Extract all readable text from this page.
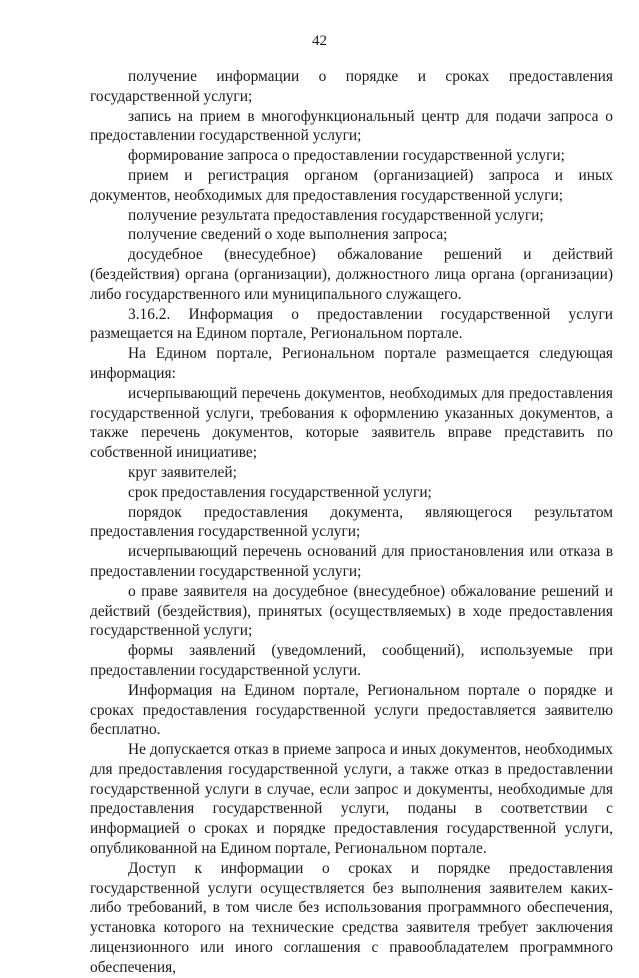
42

получение информации о порядке и сроках предоставления государственной услуги;

запись на прием в многофункциональный центр для подачи запроса о предоставлении государственной услуги;

формирование запроса о предоставлении государственной услуги;

прием и регистрация органом (организацией) запроса и иных документов, необходимых для предоставления государственной услуги;

получение результата предоставления государственной услуги;

получение сведений о ходе выполнения запроса;

досудебное (внесудебное) обжалование решений и действий (бездействия) органа (организации), должностного лица органа (организации) либо государственного или муниципального служащего.

3.16.2. Информация о предоставлении государственной услуги размещается на Едином портале, Региональном портале.

На Едином портале, Региональном портале размещается следующая информация:

исчерпывающий перечень документов, необходимых для предоставления государственной услуги, требования к оформлению указанных документов, а также перечень документов, которые заявитель вправе представить по собственной инициативе;

круг заявителей;

срок предоставления государственной услуги;

порядок предоставления документа, являющегося результатом предоставления государственной услуги;

исчерпывающий перечень оснований для приостановления или отказа в предоставлении государственной услуги;

о праве заявителя на досудебное (внесудебное) обжалование решений и действий (бездействия), принятых (осуществляемых) в ходе предоставления государственной услуги;

формы заявлений (уведомлений, сообщений), используемые при предоставлении государственной услуги.

Информация на Едином портале, Региональном портале о порядке и сроках предоставления государственной услуги предоставляется заявителю бесплатно.

Не допускается отказ в приеме запроса и иных документов, необходимых для предоставления государственной услуги, а также отказ в предоставлении государственной услуги в случае, если запрос и документы, необходимые для предоставления государственной услуги, поданы в соответствии с информацией о сроках и порядке предоставления государственной услуги, опубликованной на Едином портале, Региональном портале.

Доступ к информации о сроках и порядке предоставления государственной услуги осуществляется без выполнения заявителем каких-либо требований, в том числе без использования программного обеспечения, установка которого на технические средства заявителя требует заключения лицензионного или иного соглашения с правообладателем программного обеспечения,
